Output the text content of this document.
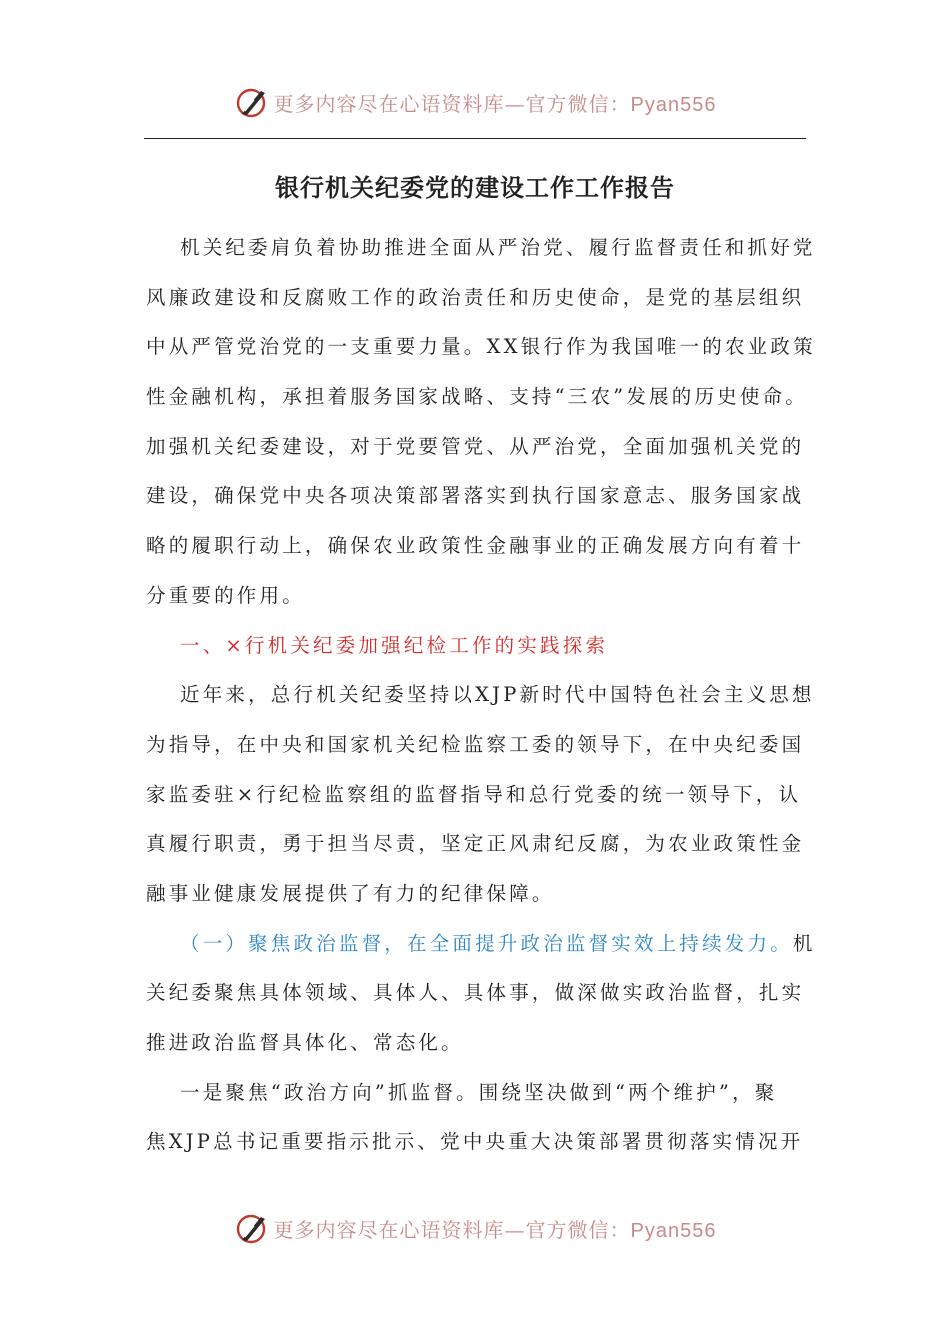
更多内容尽在心语资料库—官方微信：Pyan556
银行机关纪委党的建设工作工作报告
机关纪委肩负着协助推进全面从严治党、履行监督责任和抓好党
风廉政建设和反腐败工作的政治责任和历史使命，是党的基层组织
中从严管党治党的一支重要力量。XX银行作为我国唯一的农业政策
性金融机构，承担着服务国家战略、支持“三农”发展的历史使命。
加强机关纪委建设，对于党要管党、从严治党，全面加强机关党的
建设，确保党中央各项决策部署落实到执行国家意志、服务国家战
略的履职行动上，确保农业政策性金融事业的正确发展方向有着十
分重要的作用。
一、×行机关纪委加强纪检工作的实践探索
近年来，总行机关纪委坚持以XJP新时代中国特色社会主义思想
为指导，在中央和国家机关纪检监察工委的领导下，在中央纪委国
家监委驻×行纪检监察组的监督指导和总行党委的统一领导下，认
真履行职责，勇于担当尽责，坚定正风肃纪反腐，为农业政策性金
融事业健康发展提供了有力的纪律保障。
（一）聚焦政治监督，在全面提升政治监督实效上持续发力。机
关纪委聚焦具体领域、具体人、具体事，做深做实政治监督，扎实
推进政治监督具体化、常态化。
一是聚焦“政治方向”抓监督。围绕坚决做到“两个维护”，聚
焦XJP总书记重要指示批示、党中央重大决策部署贯彻落实情况开
更多内容尽在心语资料库—官方微信：Pyan556
